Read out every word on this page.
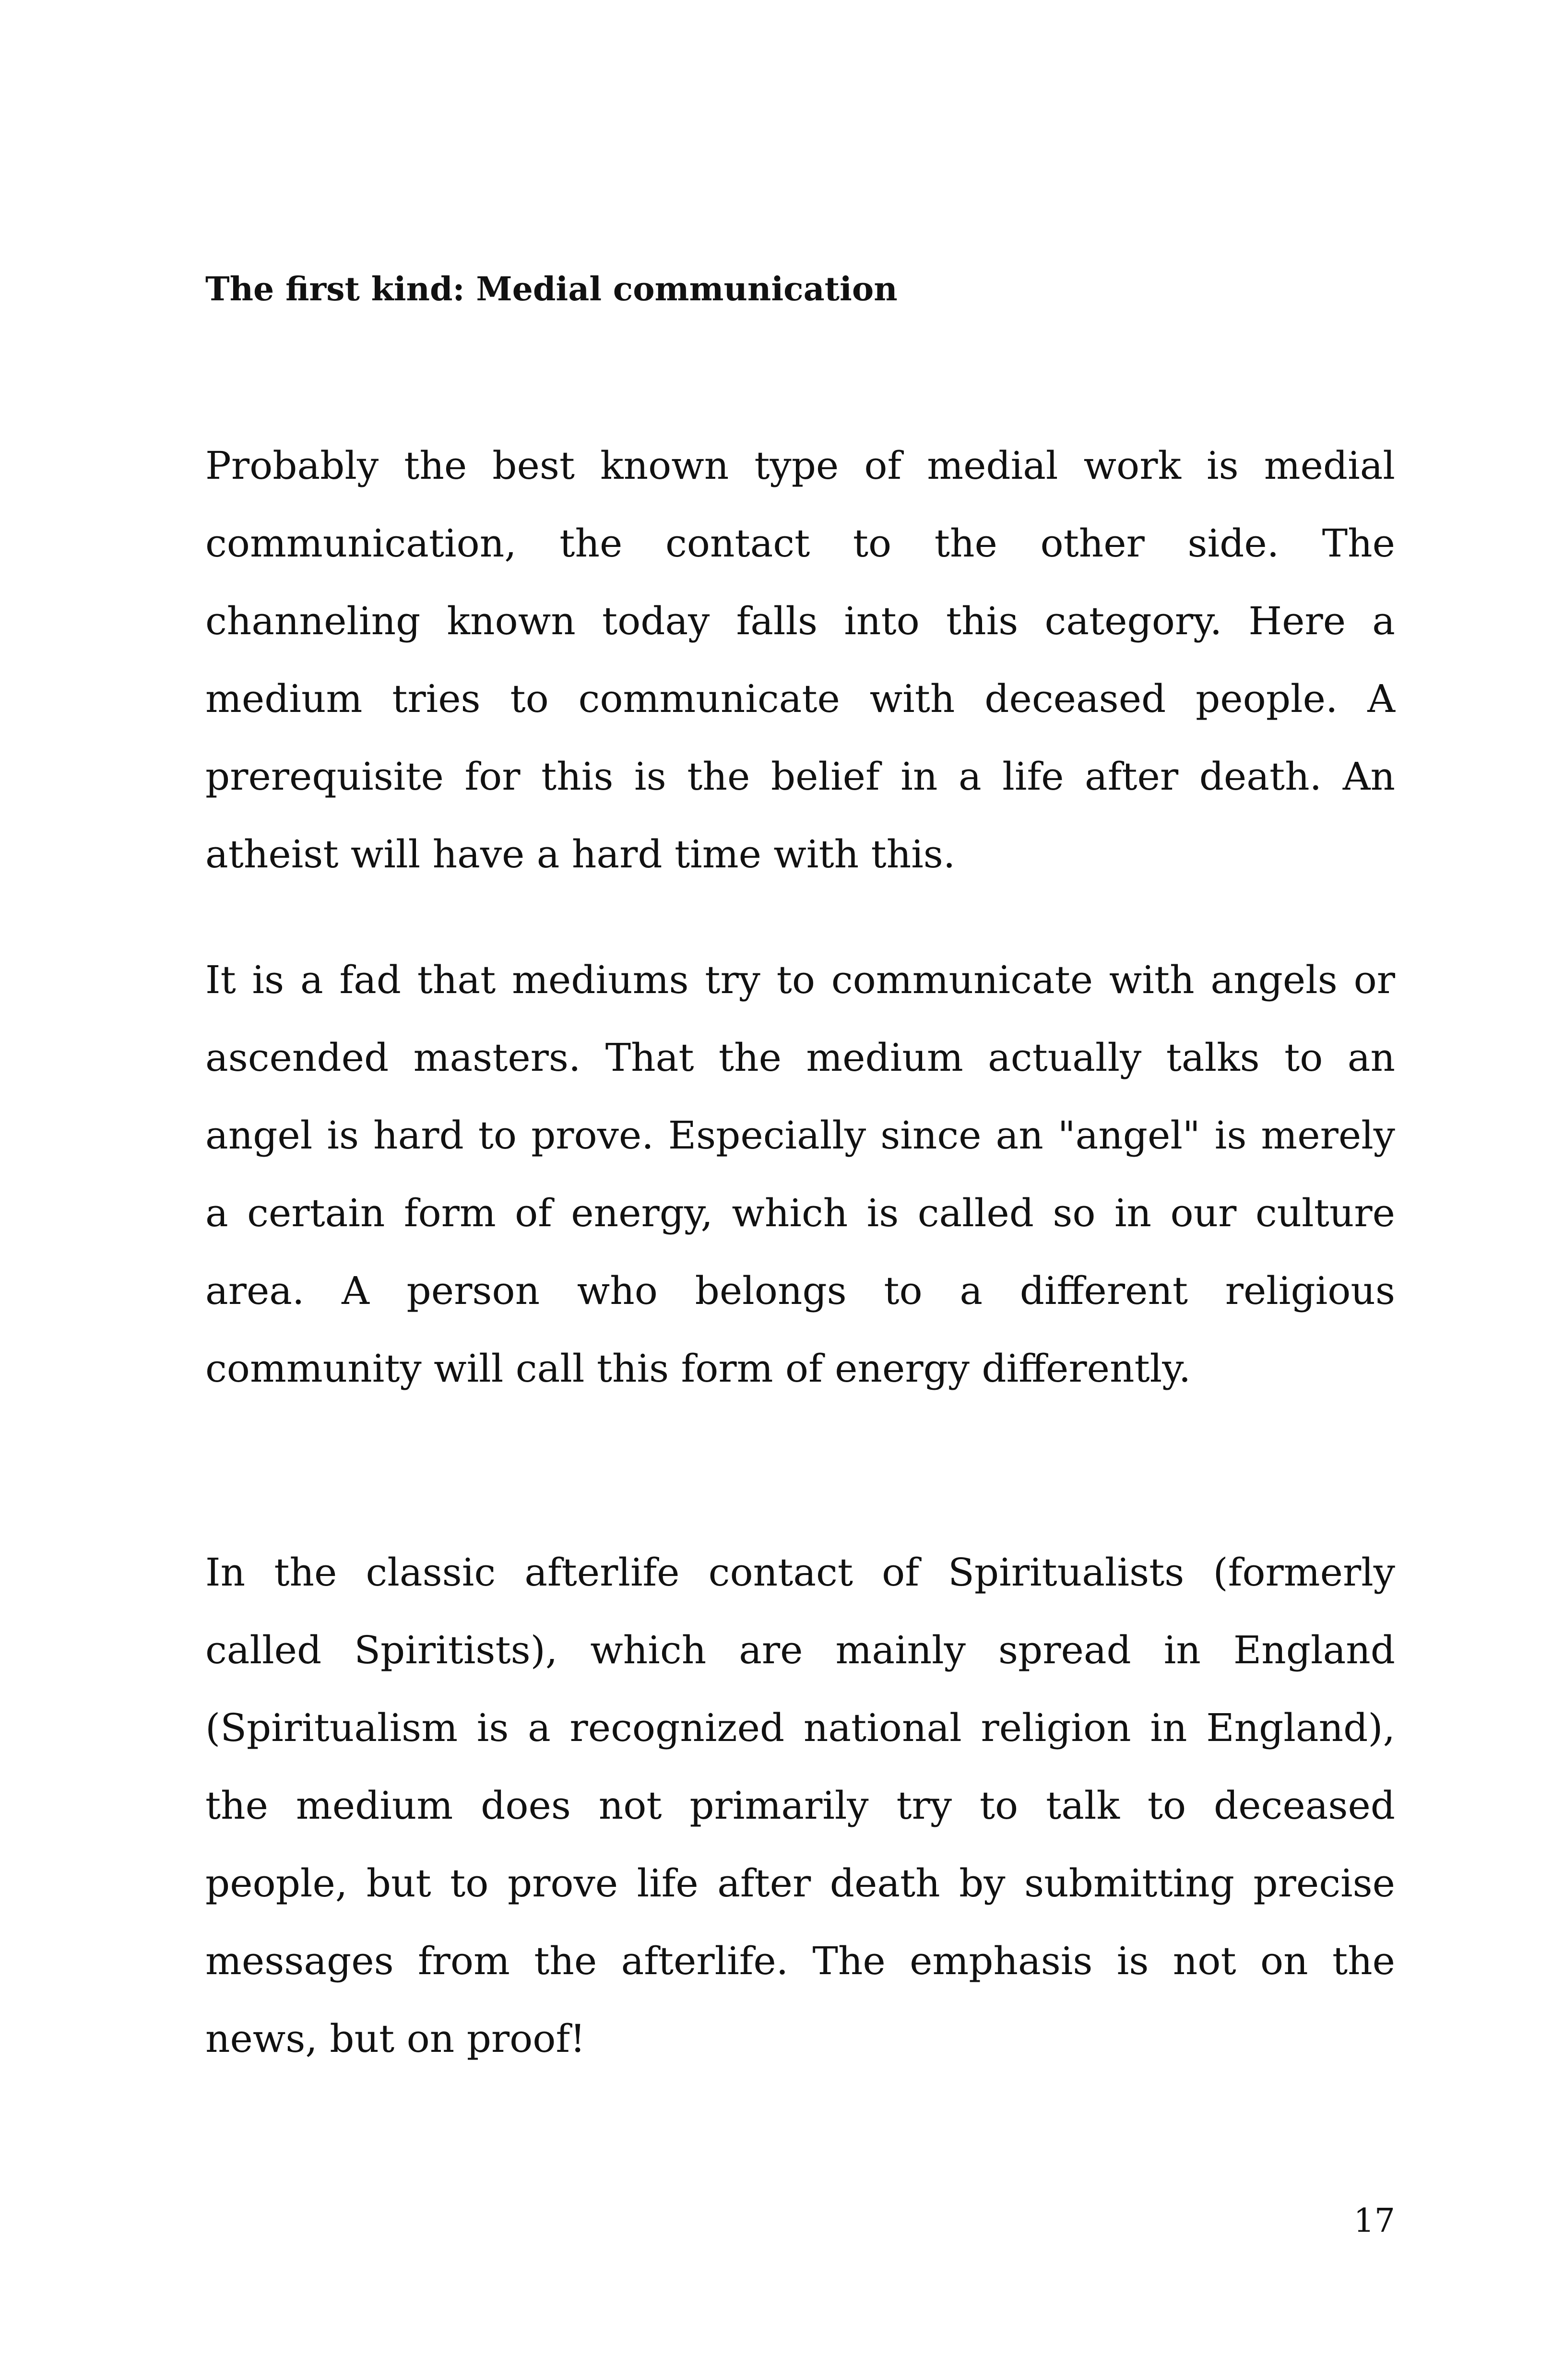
The first kind: Medial communication

Probably the best known type of medial work is medial communication, the contact to the other side. The channeling known today falls into this category. Here a medium tries to communicate with deceased people. A prerequisite for this is the belief in a life after death. An atheist will have a hard time with this.

It is a fad that mediums try to communicate with angels or ascended masters. That the medium actually talks to an angel is hard to prove. Especially since an "angel" is merely a certain form of energy, which is called so in our culture area. A person who belongs to a different religious community will call this form of energy differently.

In the classic afterlife contact of Spiritualists (formerly called Spiritists), which are mainly spread in England (Spiritualism is a recognized national religion in England), the medium does not primarily try to talk to deceased people, but to prove life after death by submitting precise messages from the afterlife. The emphasis is not on the news, but on proof!

17
